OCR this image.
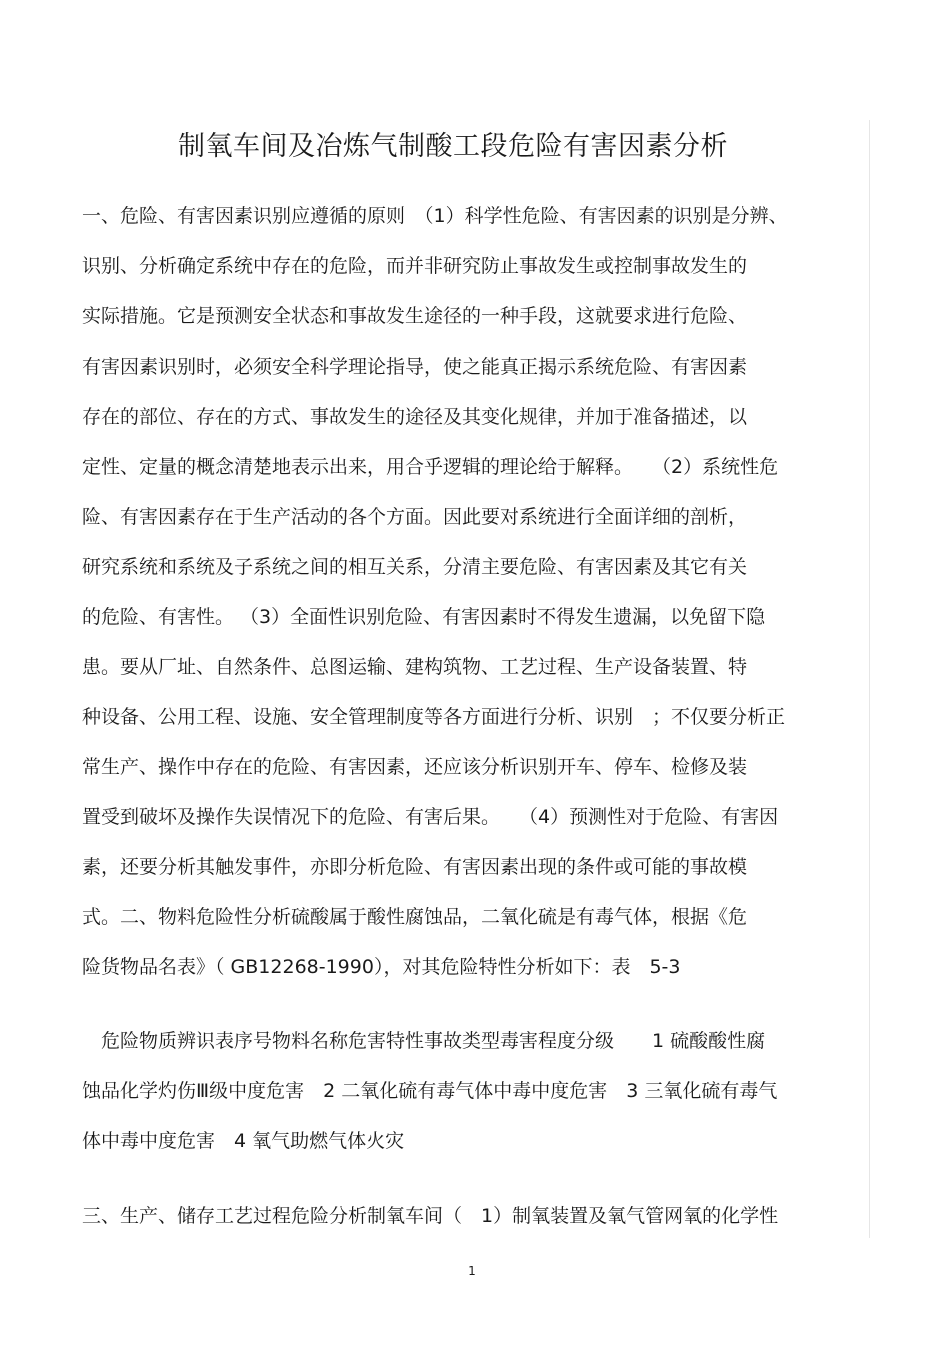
制氧车间及冶炼气制酸工段危险有害因素分析
一、危险、有害因素识别应遵循的原则　（1）科学性危险、有害因素的识别是分辨、
识别、分析确定系统中存在的危险，而并非研究防止事故发生或控制事故发生的
实际措施。它是预测安全状态和事故发生途径的一种手段，这就要求进行危险、
有害因素识别时，必须安全科学理论指导，使之能真正揭示系统危险、有害因素
存在的部位、存在的方式、事故发生的途径及其变化规律，并加于准备描述，以
定性、定量的概念清楚地表示出来，用合乎逻辑的理论给于解释。　　（2）系统性危
险、有害因素存在于生产活动的各个方面。因此要对系统进行全面详细的剖析，
研究系统和系统及子系统之间的相互关系，分清主要危险、有害因素及其它有关
的危险、有害性。 （3）全面性识别危险、有害因素时不得发生遗漏，以免留下隐
患。要从厂址、自然条件、总图运输、建构筑物、工艺过程、生产设备装置、特
种设备、公用工程、设施、安全管理制度等各方面进行分析、识别　；不仅要分析正
常生产、操作中存在的危险、有害因素，还应该分析识别开车、停车、检修及装
置受到破坏及操作失误情况下的危险、有害后果。　　（4）预测性对于危险、有害因
素，还要分析其触发事件，亦即分析危险、有害因素出现的条件或可能的事故模
式。二、物料危险性分析硫酸属于酸性腐蚀品，二氧化硫是有毒气体，根据《危
险货物品名表》（ GB12268-1990），对其危险特性分析如下：表　5-3
　危险物质辨识表序号物料名称危害特性事故类型毒害程度分级　　1 硫酸酸性腐
蚀品化学灼伤Ⅲ级中度危害　2 二氧化硫有毒气体中毒中度危害　3 三氧化硫有毒气
体中毒中度危害　4 氧气助燃气体火灾
三、生产、储存工艺过程危险分析制氧车间（　1）制氧装置及氧气管网氧的化学性
1
